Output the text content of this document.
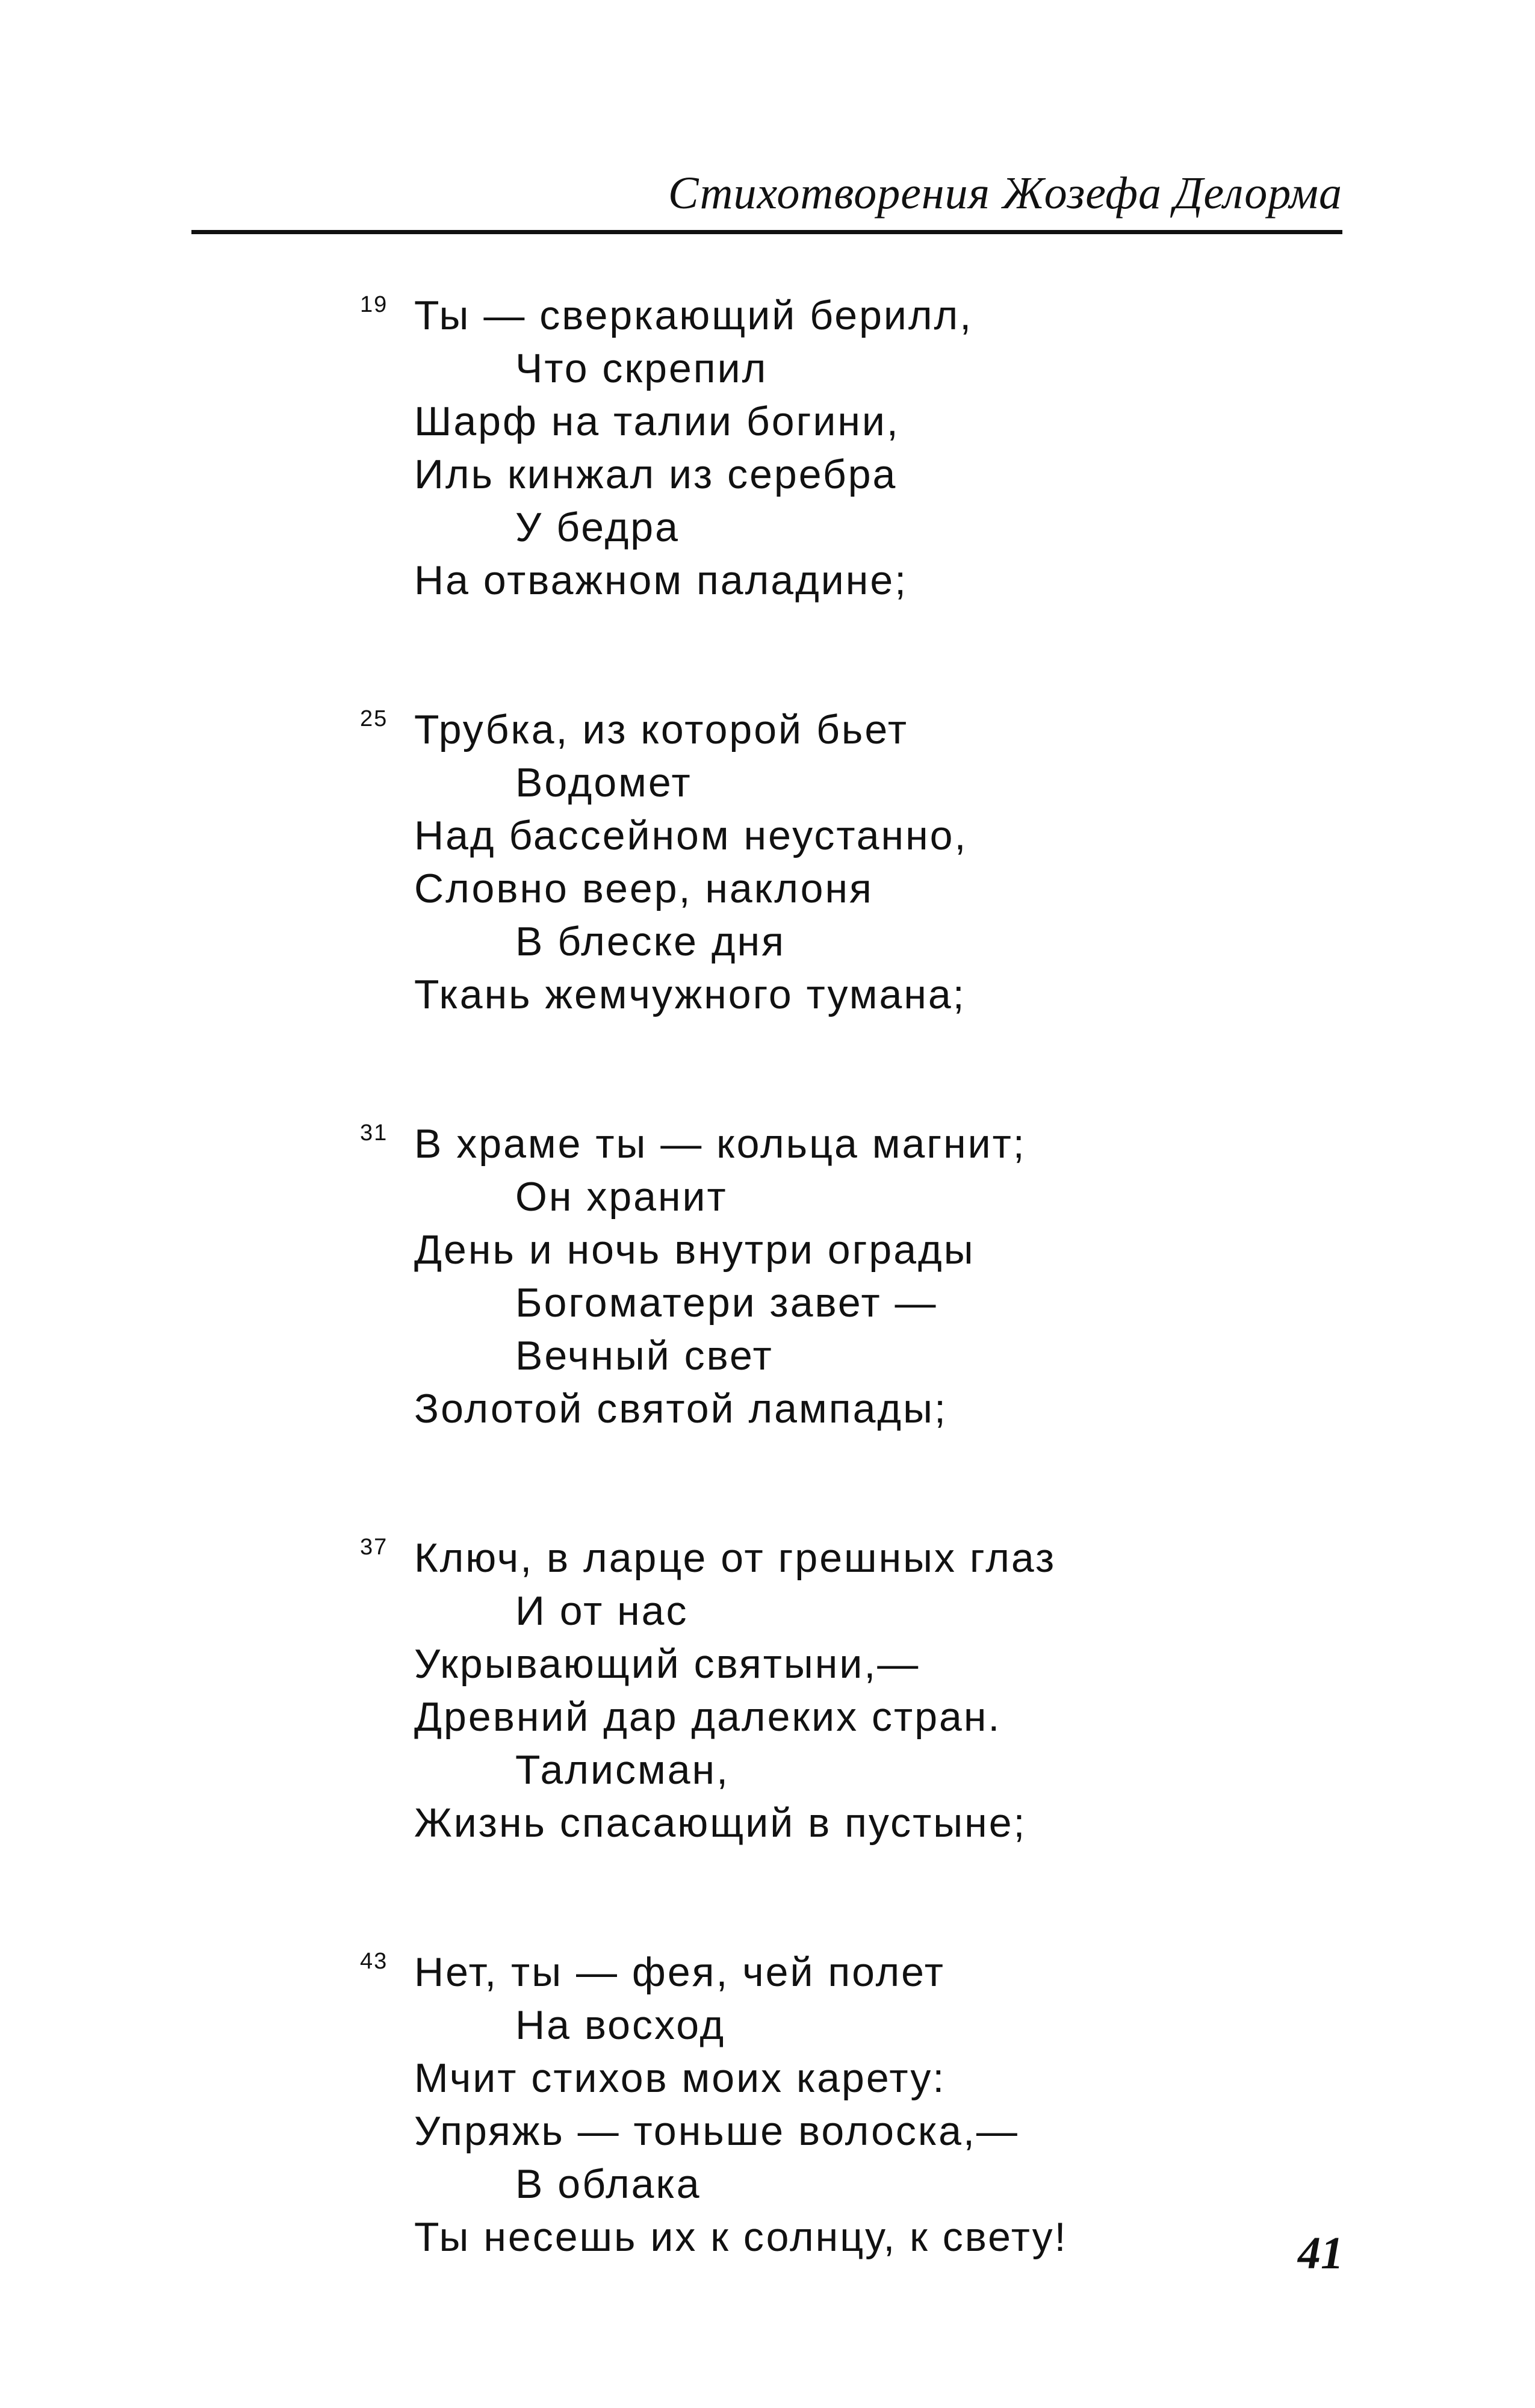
Стихотворения Жозефа Делорма
19 Ты — сверкающий берилл,
Что скрепил
Шарф на талии богини,
Иль кинжал из серебра
У бедра
На отважном паладине;
25 Трубка, из которой бьет
Водомет
Над бассейном неустанно,
Словно веер, наклоня
В блеске дня
Ткань жемчужного тумана;
31 В храме ты — кольца магнит;
Он хранит
День и ночь внутри ограды
Богоматери завет —
Вечный свет
Золотой святой лампады;
37 Ключ, в ларце от грешных глаз
И от нас
Укрывающий святыни,—
Древний дар далеких стран.
Талисман,
Жизнь спасающий в пустыне;
43 Нет, ты — фея, чей полет
На восход
Мчит стихов моих карету:
Упряжь — тоньше волоска,—
В облака
Ты несешь их к солнцу, к свету!	41
